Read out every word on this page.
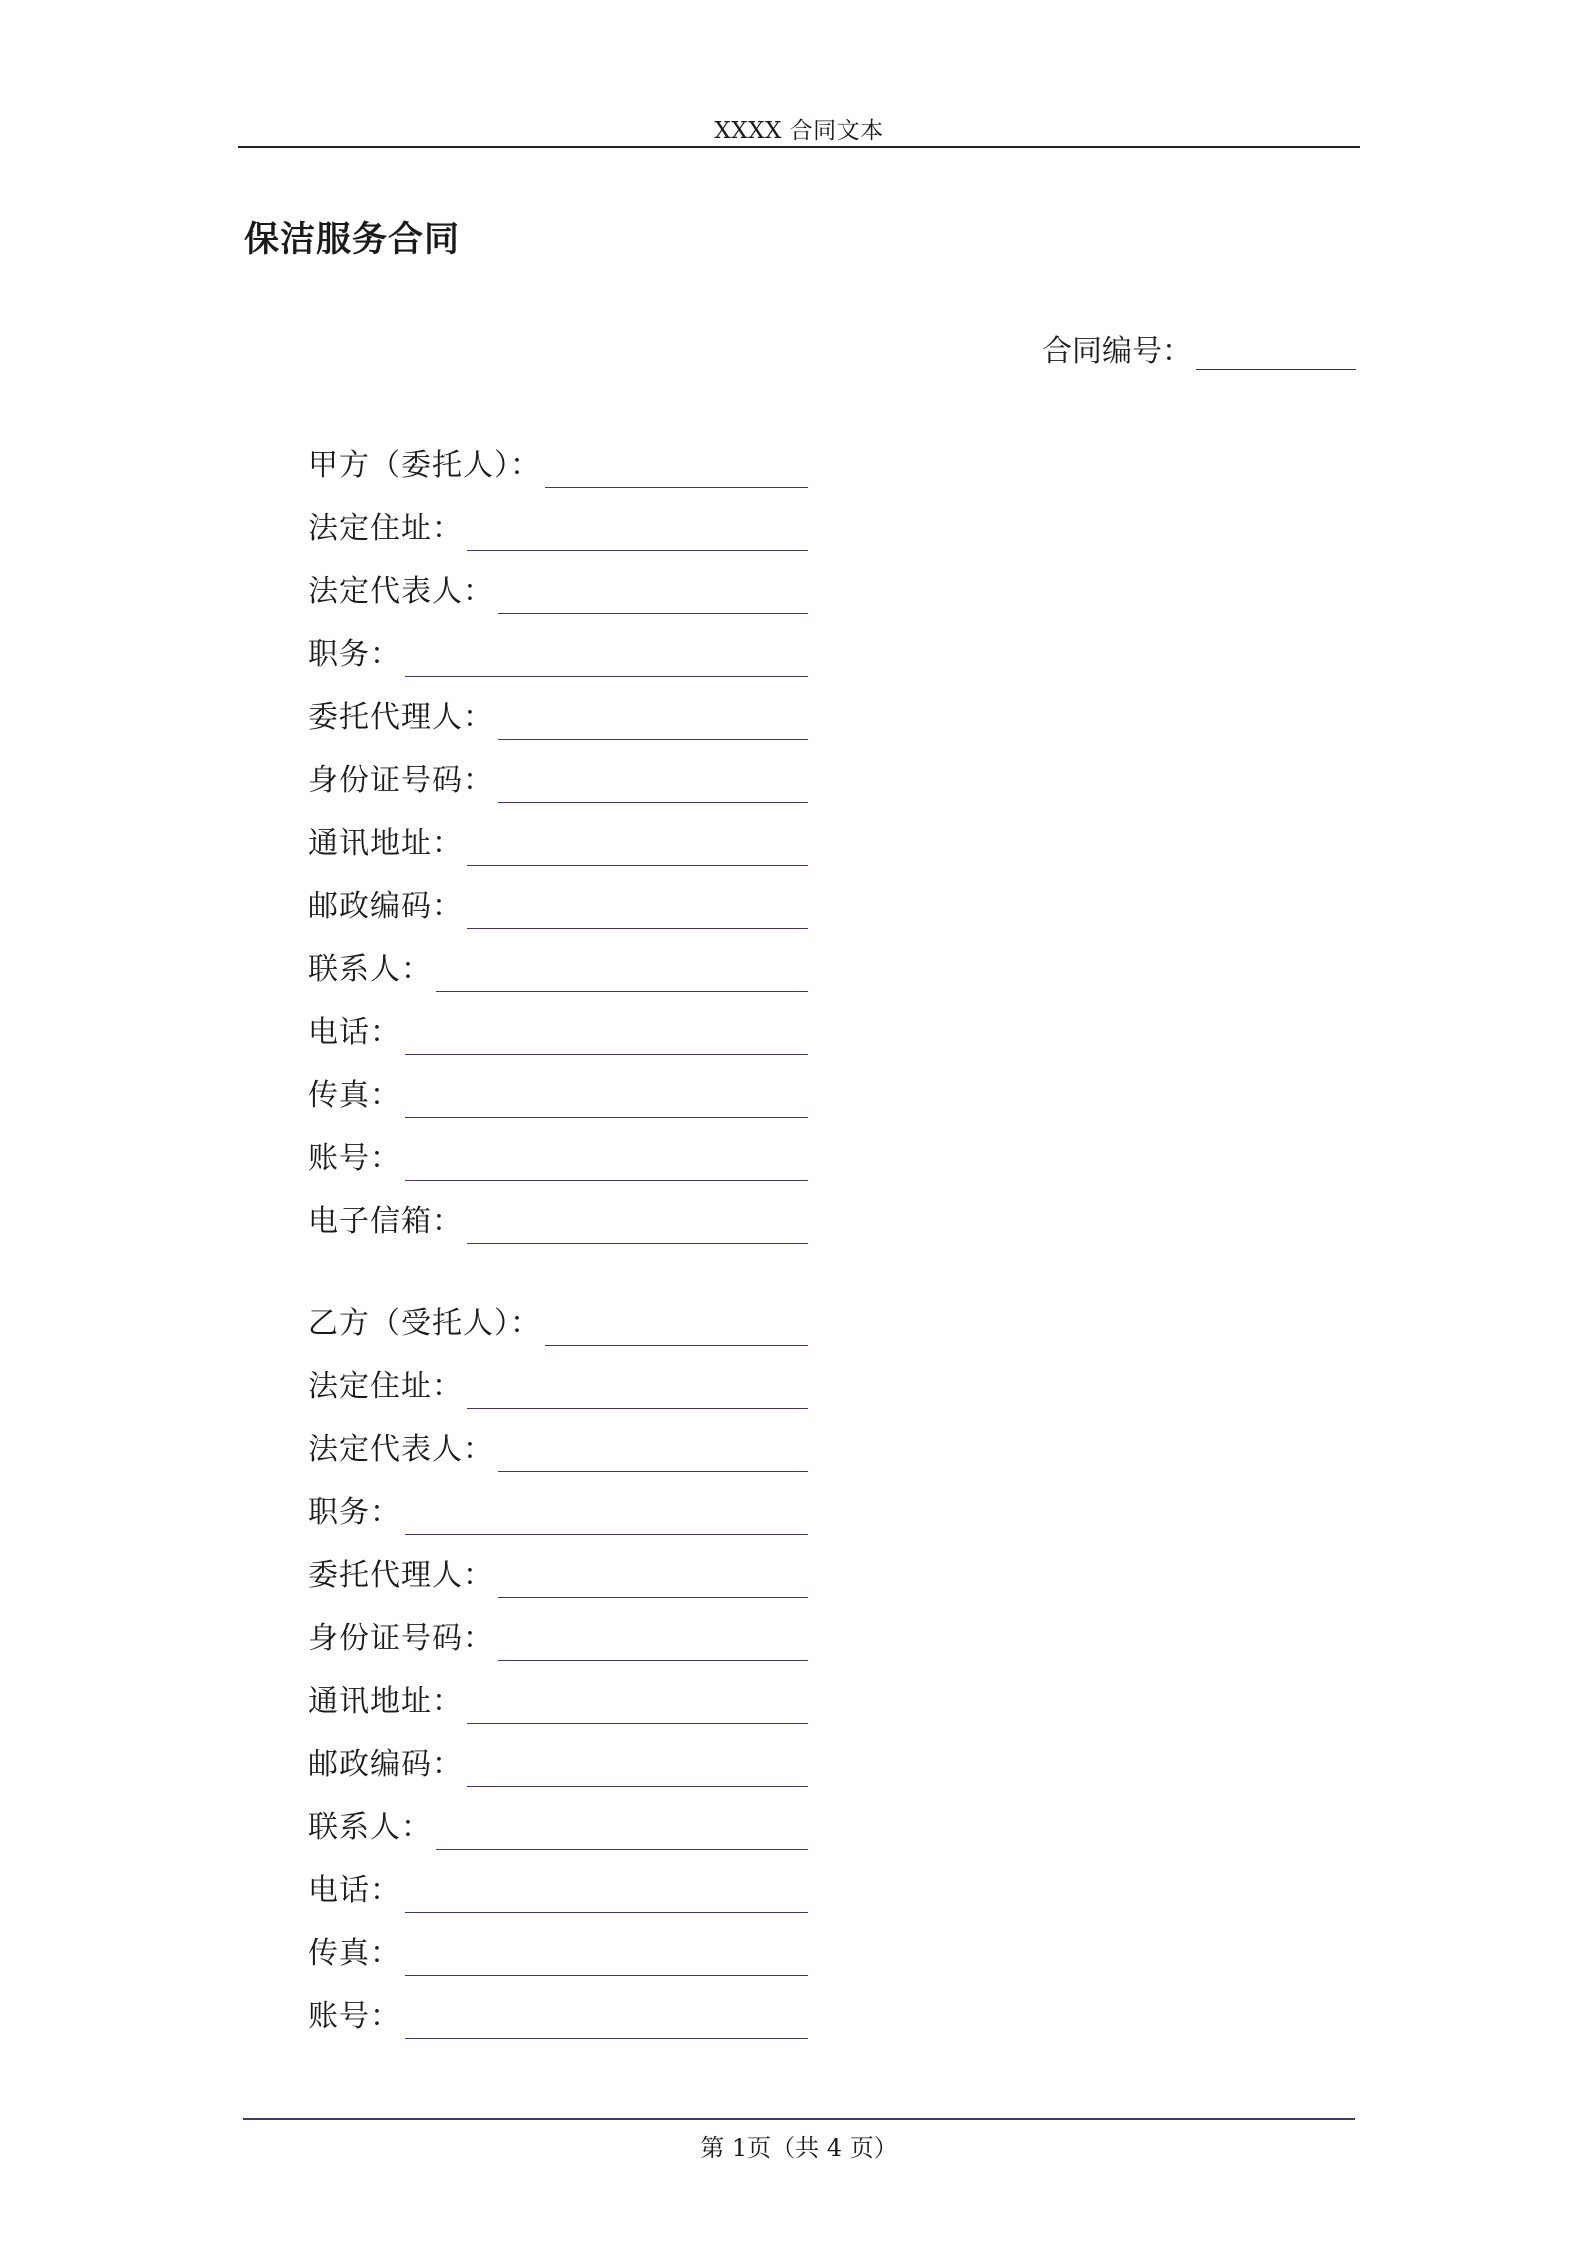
XXXX 合同文本
保洁服务合同
合同编号：
甲方（委托人）：
法定住址：
法定代表人：
职务：
委托代理人：
身份证号码：
通讯地址：
邮政编码：
联系人：
电话：
传真：
账号：
电子信箱：
乙方（受托人）：
法定住址：
法定代表人：
职务：
委托代理人：
身份证号码：
通讯地址：
邮政编码：
联系人：
电话：
传真：
账号：
第 1页（共 4 页）
